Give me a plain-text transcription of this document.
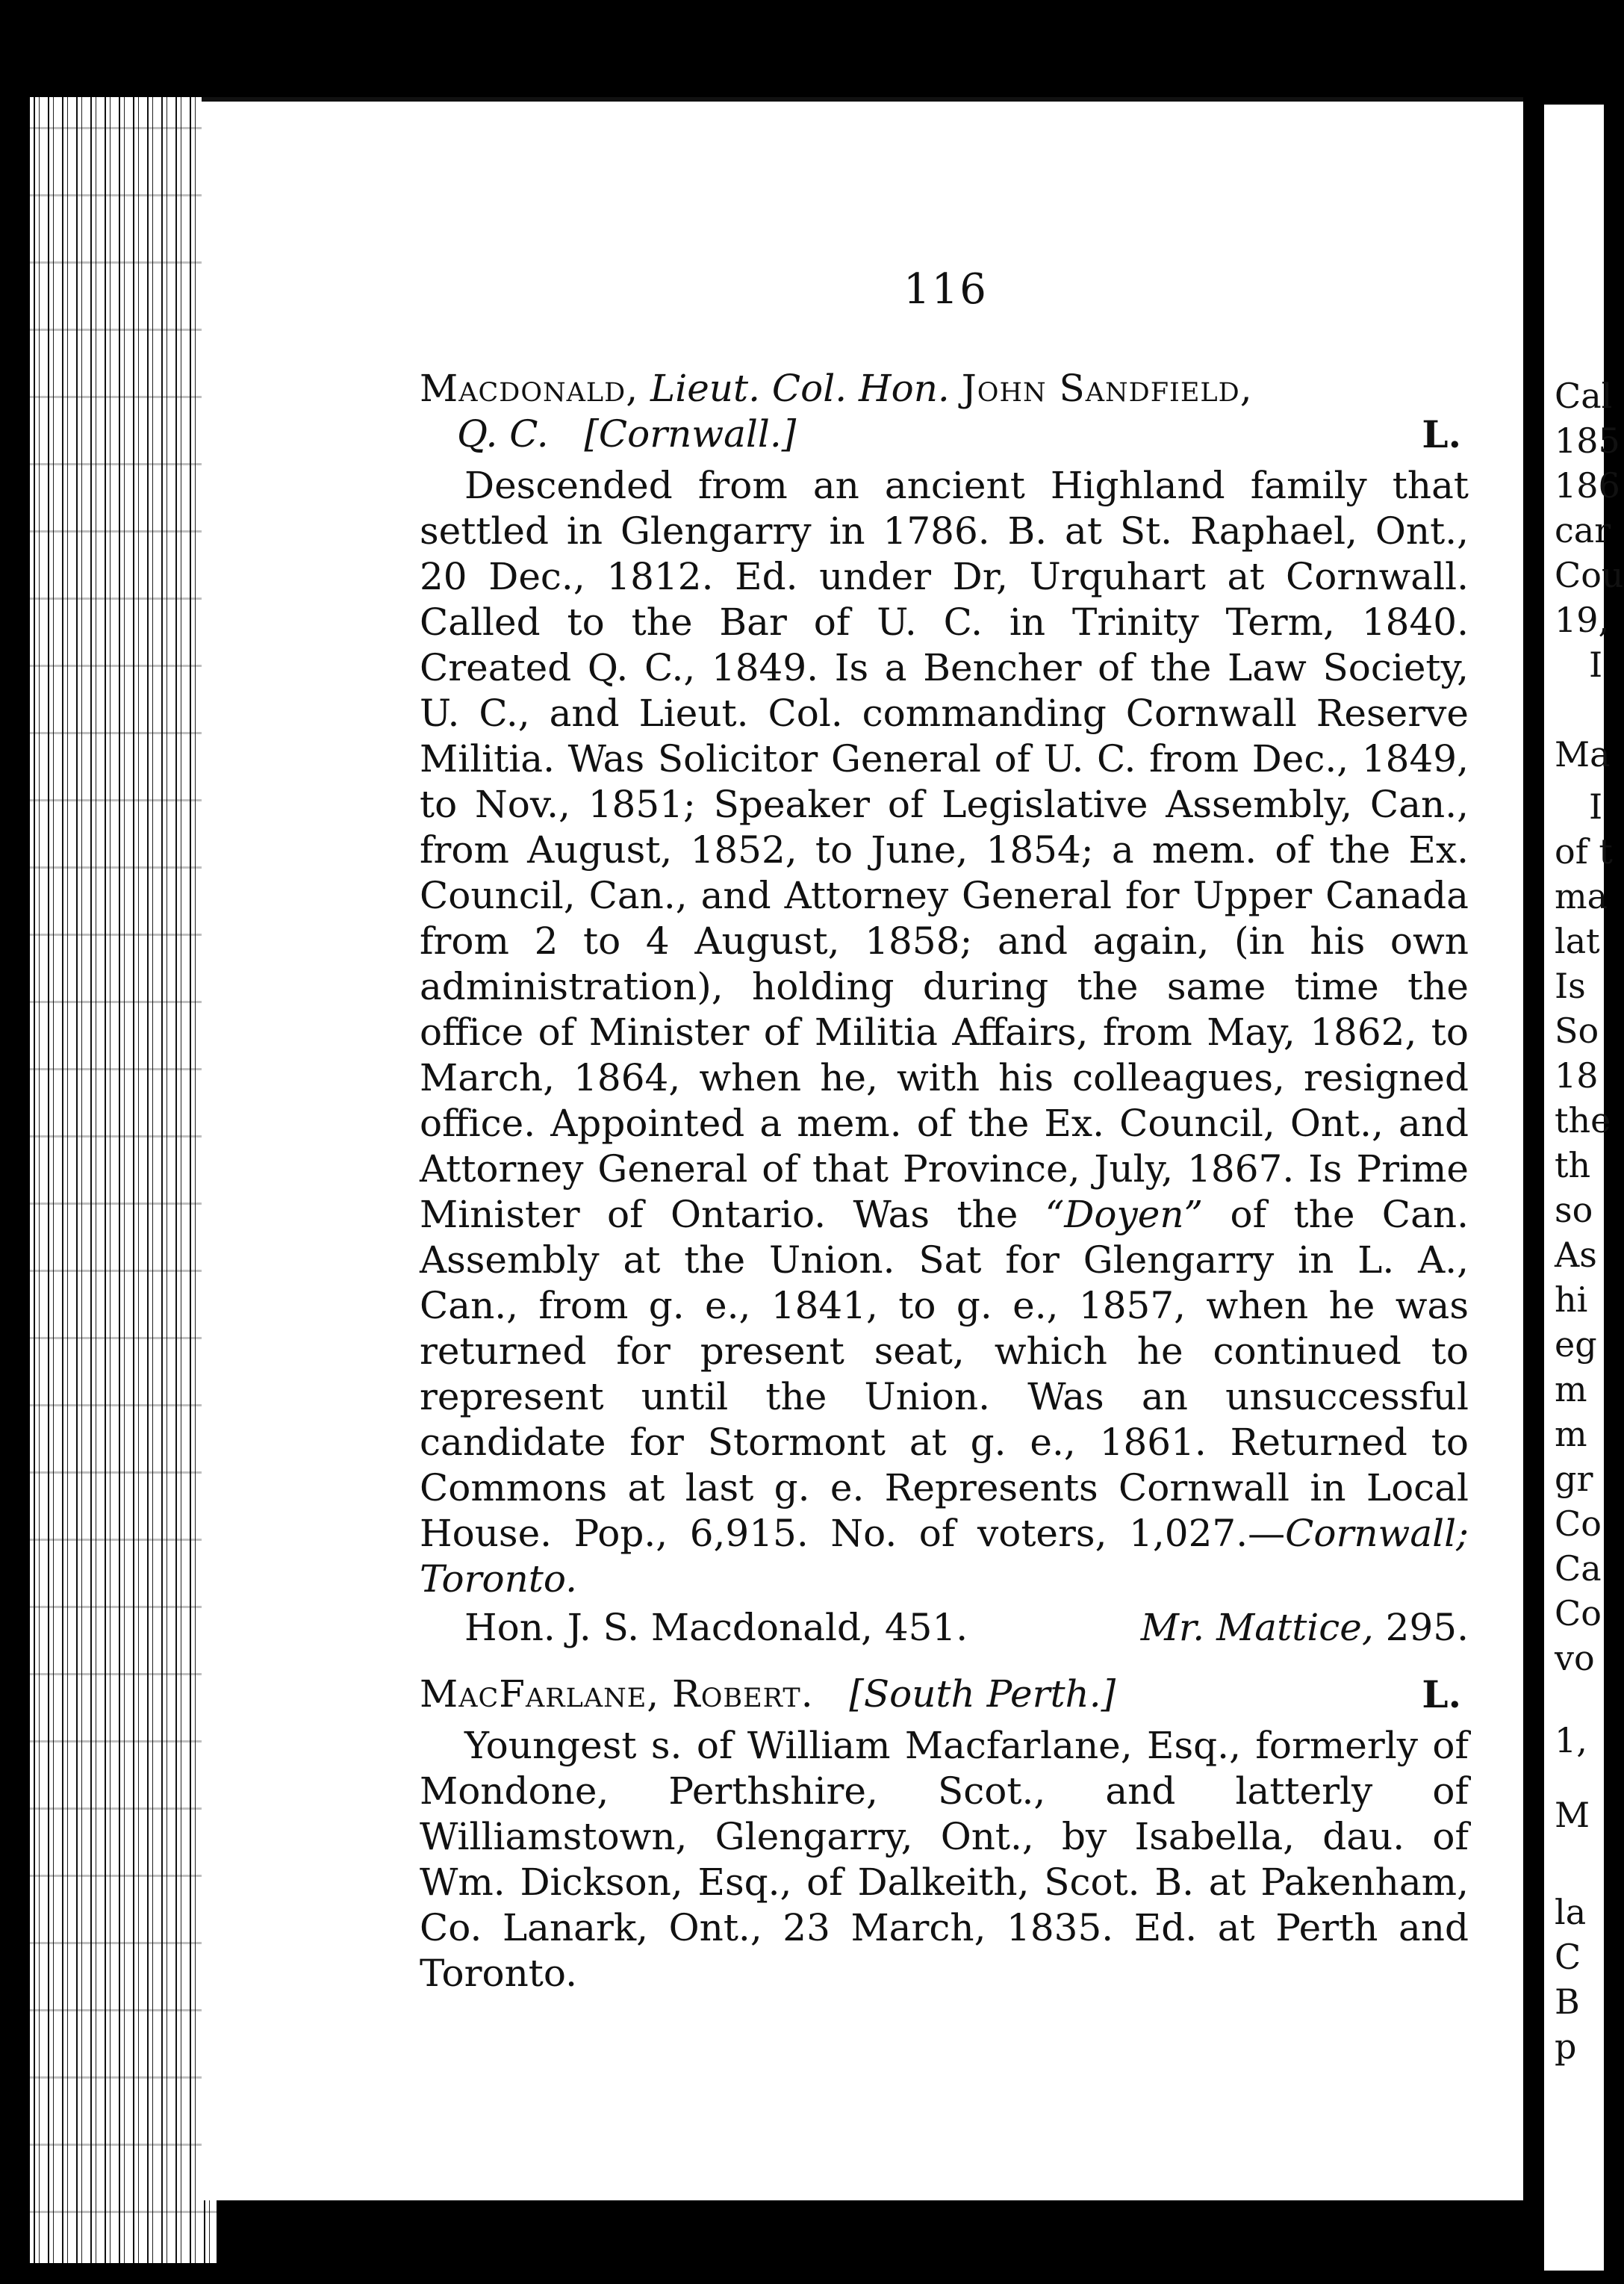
Cal
185
186
car
Cou
19,
I
Ma
I
of t
ma
lat
Is
So
18
the
th
so
As
hi
eg
m
m
gr
Co
Ca
Co
vo
1,
M
la
C
B
p
116
Macdonald, Lieut. Col. Hon. John Sandfield,
Q. C. [Cornwall.]	L.

Descended from an ancient Highland family that settled in Glengarry in 1786. B. at St. Raphael, Ont., 20 Dec., 1812. Ed. under Dr, Urquhart at Cornwall. Called to the Bar of U. C. in Trinity Term, 1840. Created Q. C., 1849. Is a Bencher of the Law Society, U. C., and Lieut. Col. commanding Cornwall Reserve Militia. Was Solicitor General of U. C. from Dec., 1849, to Nov., 1851; Speaker of Legislative Assembly, Can., from August, 1852, to June, 1854; a mem. of the Ex. Council, Can., and Attorney General for Upper Canada from 2 to 4 August, 1858; and again, (in his own administration), holding during the same time the office of Minister of Militia Affairs, from May, 1862, to March, 1864, when he, with his colleagues, resigned office. Appointed a mem. of the Ex. Council, Ont., and Attorney General of that Province, July, 1867. Is Prime Minister of Ontario. Was the “Doyen” of the Can. Assembly at the Union. Sat for Glengarry in L. A., Can., from g. e., 1841, to g. e., 1857, when he was returned for present seat, which he continued to represent until the Union. Was an unsuccessful candidate for Stormont at g. e., 1861. Returned to Commons at last g. e. Represents Cornwall in Local House. Pop., 6,915. No. of voters, 1,027.—Cornwall; Toronto.

Hon. J. S. Macdonald, 451.	Mr. Mattice, 295.
MacFarlane, Robert. [South Perth.]	L.

Youngest s. of William Macfarlane, Esq., formerly of Mondone, Perthshire, Scot., and latterly of Williamstown, Glengarry, Ont., by Isabella, dau. of Wm. Dickson, Esq., of Dalkeith, Scot. B. at Pakenham, Co. Lanark, Ont., 23 March, 1835. Ed. at Perth and Toronto.
